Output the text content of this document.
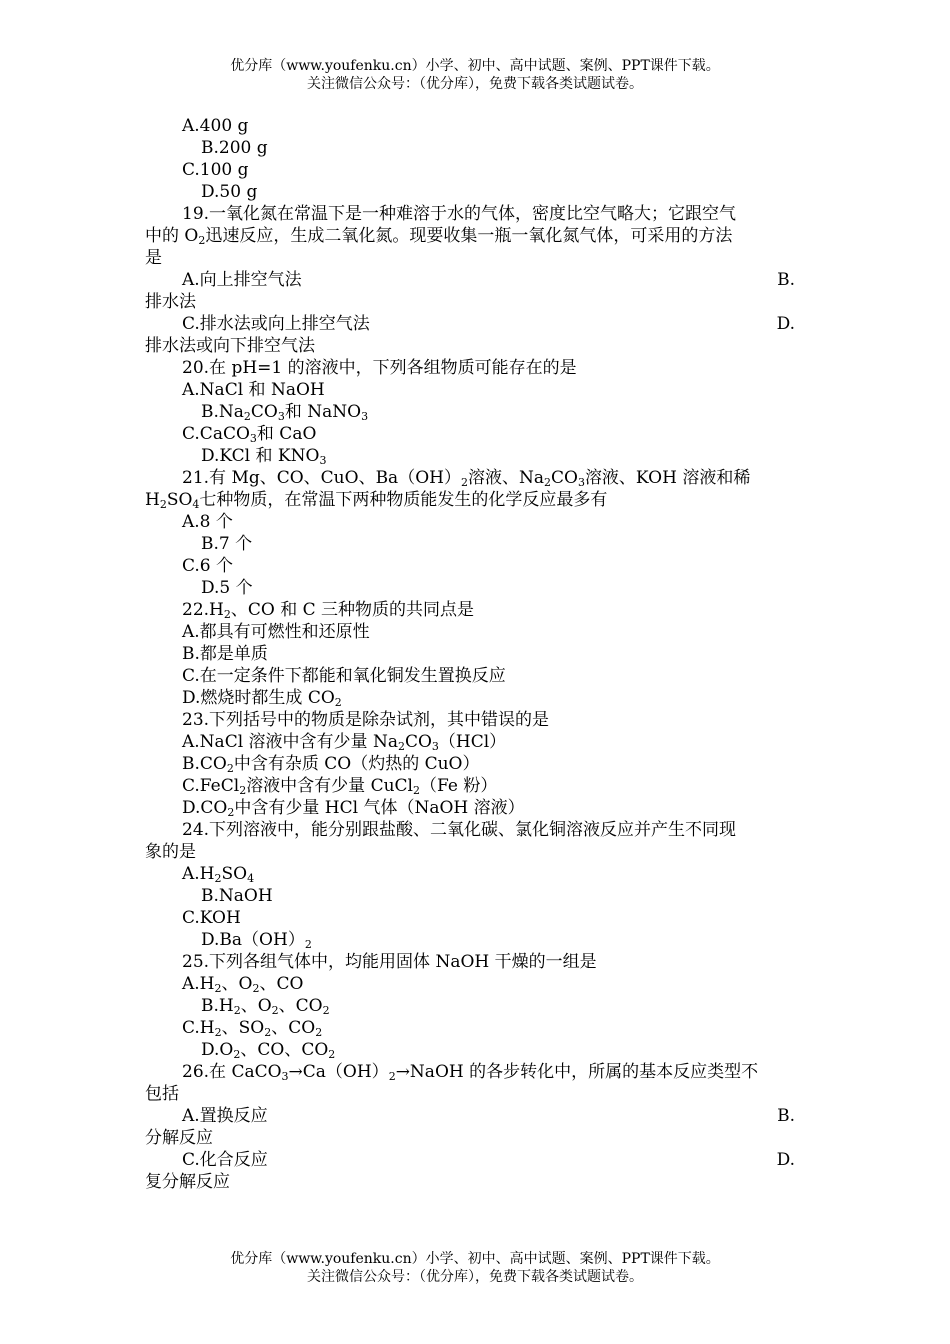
优分库（www.youfenku.cn）小学、初中、高中试题、案例、PPT课件下载。
关注微信公众号：（优分库），免费下载各类试题试卷。
A.400 g
B.200 g
C.100 g
D.50 g
19.一氧化氮在常温下是一种难溶于水的气体，密度比空气略大；它跟空气
中的 $O_2$迅速反应，生成二氧化氮。现要收集一瓶一氧化氮气体，可采用的方法
是
A.向上排空气法	B.
排水法
C.排水法或向上排空气法	D.
排水法或向下排空气法
20.在 pH=1 的溶液中，下列各组物质可能存在的是
A.NaCl 和 NaOH
$B.Na_2CO_3$和 NaNO$_3$
C.CaCO$_3$和 CaO
D.KCl 和 $KNO_3$
21.有 Mg、CO、CuO、$Ba(OH)_2$溶液、$Na_2CO_3$溶液、KOH 溶液和稀
$H_2SO_4$七种物质，在常温下两种物质能发生的化学反应最多有
A.8 个
B.7 个
C.6 个
D.5 个
$22.H_2$、CO 和 C 三种物质的共同点是
A.都具有可燃性和还原性
B.都是单质
C.在一定条件下都能和氧化铜发生置换反应
D.燃烧时都生成 $CO_2$
23.下列括号中的物质是除杂试剂，其中错误的是
A.NaCl 溶液中含有少量 $Na_2CO_3(HCl)$
$B.CO_2$中含有杂质 CO（灼热的 CuO）
C.FeCl$_2$溶液中含有少量 CuCl$_2$（Fe 粉）
$D.CO_2$中含有少量 HCl 气体（NaOH 溶液）
24.下列溶液中，能分别跟盐酸、二氧化碳、氯化铜溶液反应并产生不同现
象的是
$A.H_2SO_4$
B.NaOH
C.KOH
$D.Ba(OH)_2$
25.下列各组气体中，均能用固体 NaOH 干燥的一组是
$A.H_2$、$O_2$、CO
$B.H_2$、$O_2$、$CO_2$
$C.H_2$、$SO_2$、$CO_2$
$D.O_2$、CO、$CO_2$
26.在 $CaCO_3\to Ca(OH)_2\to NaOH$ 的各步转化中，所属的基本反应类型不
包括
A.置换反应	B.
分解反应
C.化合反应	D.
复分解反应
优分库（www.youfenku.cn）小学、初中、高中试题、案例、PPT课件下载。
关注微信公众号：（优分库），免费下载各类试题试卷。
